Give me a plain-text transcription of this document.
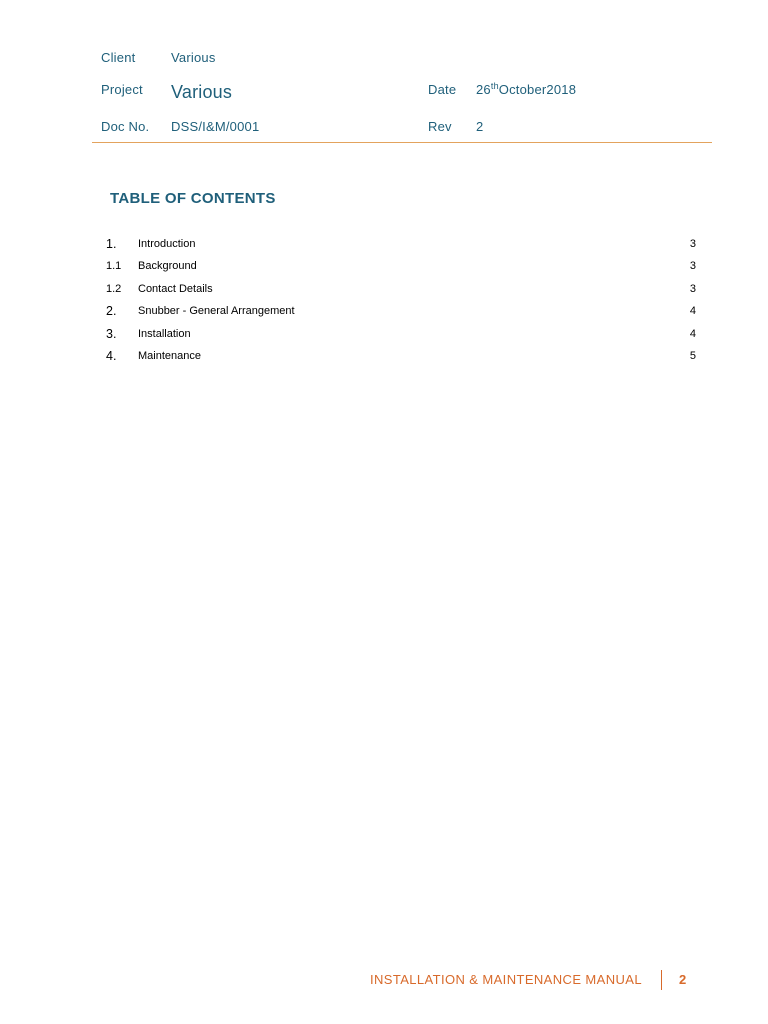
Client	Various
Project Various	Date 26thOctober2018
Doc No. DSS/I&M/0001	Rev 2
TABLE OF CONTENTS
1. Introduction	3
1.1 Background	3
1.2 Contact Details	3
2. Snubber - General Arrangement	4
3. Installation	4
4. Maintenance	5
INSTALLATION & MAINTENANCE MANUAL	2
